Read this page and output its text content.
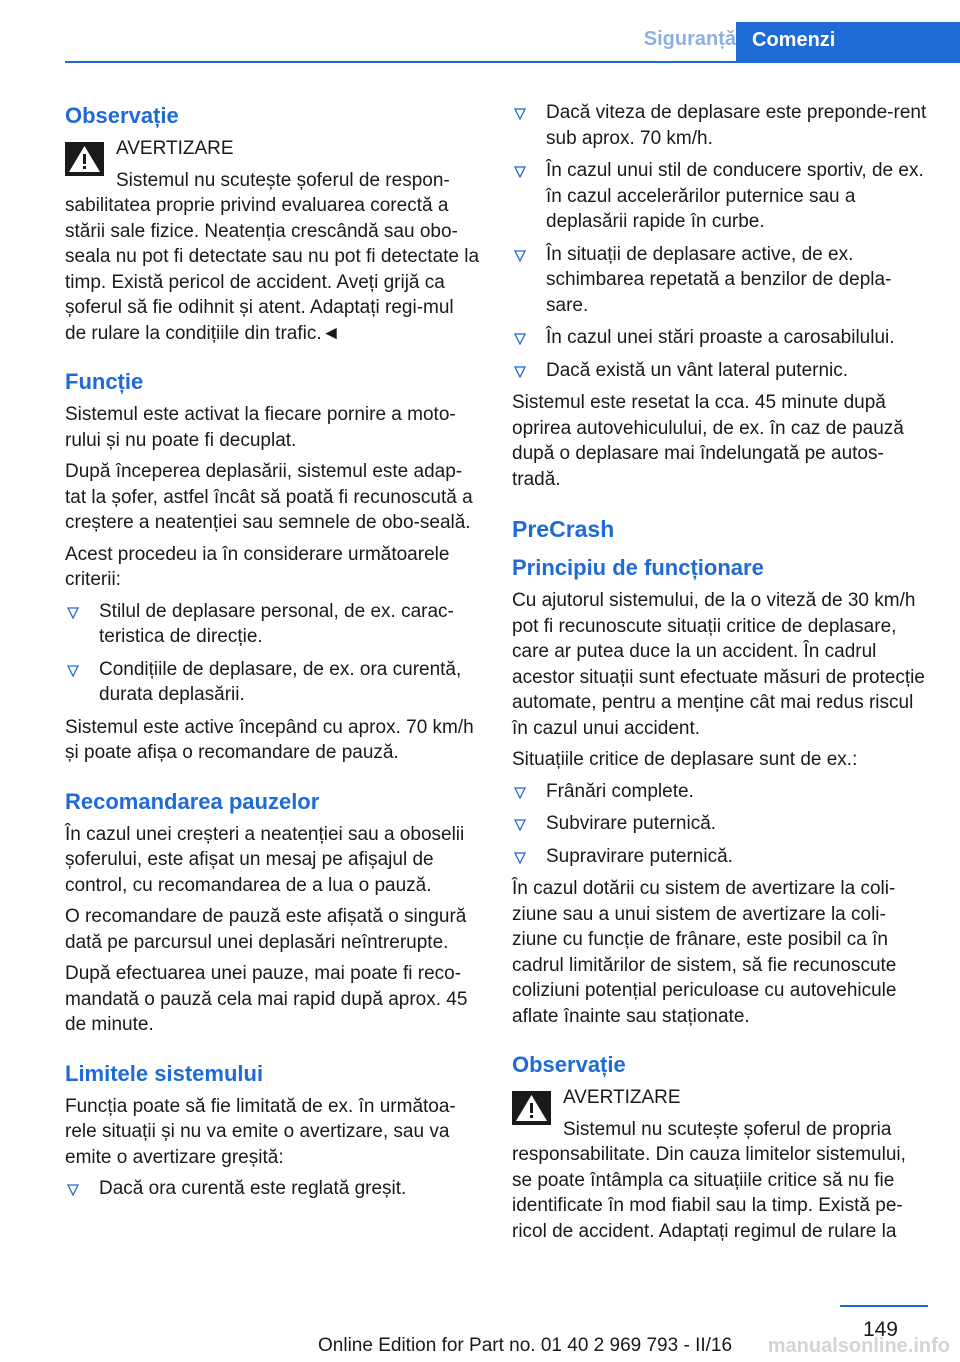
Siguranță Comenzi
Observație
AVERTIZARE
Sistemul nu scutește șoferul de respon‐sabilitatea proprie privind evaluarea corectă a stării sale fizice. Neatenția crescândă sau obo‐seala nu pot fi detectate sau nu pot fi detectate la timp. Există pericol de accident. Aveți grijă ca șoferul să fie odihnit și atent. Adaptați regi‐mul de rulare la condițiile din trafic.◄
Funcție
Sistemul este activat la fiecare pornire a moto‐rului și nu poate fi decuplat.
După începerea deplasării, sistemul este adap‐tat la șofer, astfel încât să poată fi recunoscută a creștere a neatenției sau semnele de obo‐seală.
Acest procedeu ia în considerare următoarele criterii:
Stilul de deplasare personal, de ex. carac‐teristica de direcție.
Condițiile de deplasare, de ex. ora curentă, durata deplasării.
Sistemul este active începând cu aprox. 70 km/h și poate afișa o recomandare de pauză.
Recomandarea pauzelor
În cazul unei creșteri a neatenției sau a oboselii șoferului, este afișat un mesaj pe afișajul de control, cu recomandarea de a lua o pauză.
O recomandare de pauză este afișată o singură dată pe parcursul unei deplasări neîntrerupte.
După efectuarea unei pauze, mai poate fi reco‐mandată o pauză cela mai rapid după aprox. 45 de minute.
Limitele sistemului
Funcția poate să fie limitată de ex. în următoa‐rele situații și nu va emite o avertizare, sau va emite o avertizare greșită:
Dacă ora curentă este reglată greșit.
Dacă viteza de deplasare este preponde‐rent sub aprox. 70 km/h.
În cazul unui stil de conducere sportiv, de ex. în cazul accelerărilor puternice sau a deplasării rapide în curbe.
În situații de deplasare active, de ex. schimbarea repetată a benzilor de depla‐sare.
În cazul unei stări proaste a carosabilului.
Dacă există un vânt lateral puternic.
Sistemul este resetat la cca. 45 minute după oprirea autovehiculului, de ex. în caz de pauză după o deplasare mai îndelungată pe autos‐tradă.
PreCrash
Principiu de funcționare
Cu ajutorul sistemului, de la o viteză de 30 km/h pot fi recunoscute situații critice de deplasare, care ar putea duce la un accident. În cadrul acestor situații sunt efectuate măsuri de protecție automate, pentru a menține cât mai redus riscul în cazul unui accident.
Situațiile critice de deplasare sunt de ex.:
Frânări complete.
Subvirare puternică.
Supravirare puternică.
În cazul dotării cu sistem de avertizare la coli‐ziune sau a unui sistem de avertizare la coli‐ziune cu funcție de frânare, este posibil ca în cadrul limitărilor de sistem, să fie recunoscute coliziuni potențial periculoase cu autovehicule aflate înainte sau staționate.
Observație
AVERTIZARE
Sistemul nu scutește șoferul de propria responsabilitate. Din cauza limitelor sistemului, se poate întâmpla ca situațiile critice să nu fie identificate în mod fiabil sau la timp. Există pe‐ricol de accident. Adaptați regimul de rulare la
149
Online Edition for Part no. 01 40 2 969 793 - II/16 manualsonline.info
